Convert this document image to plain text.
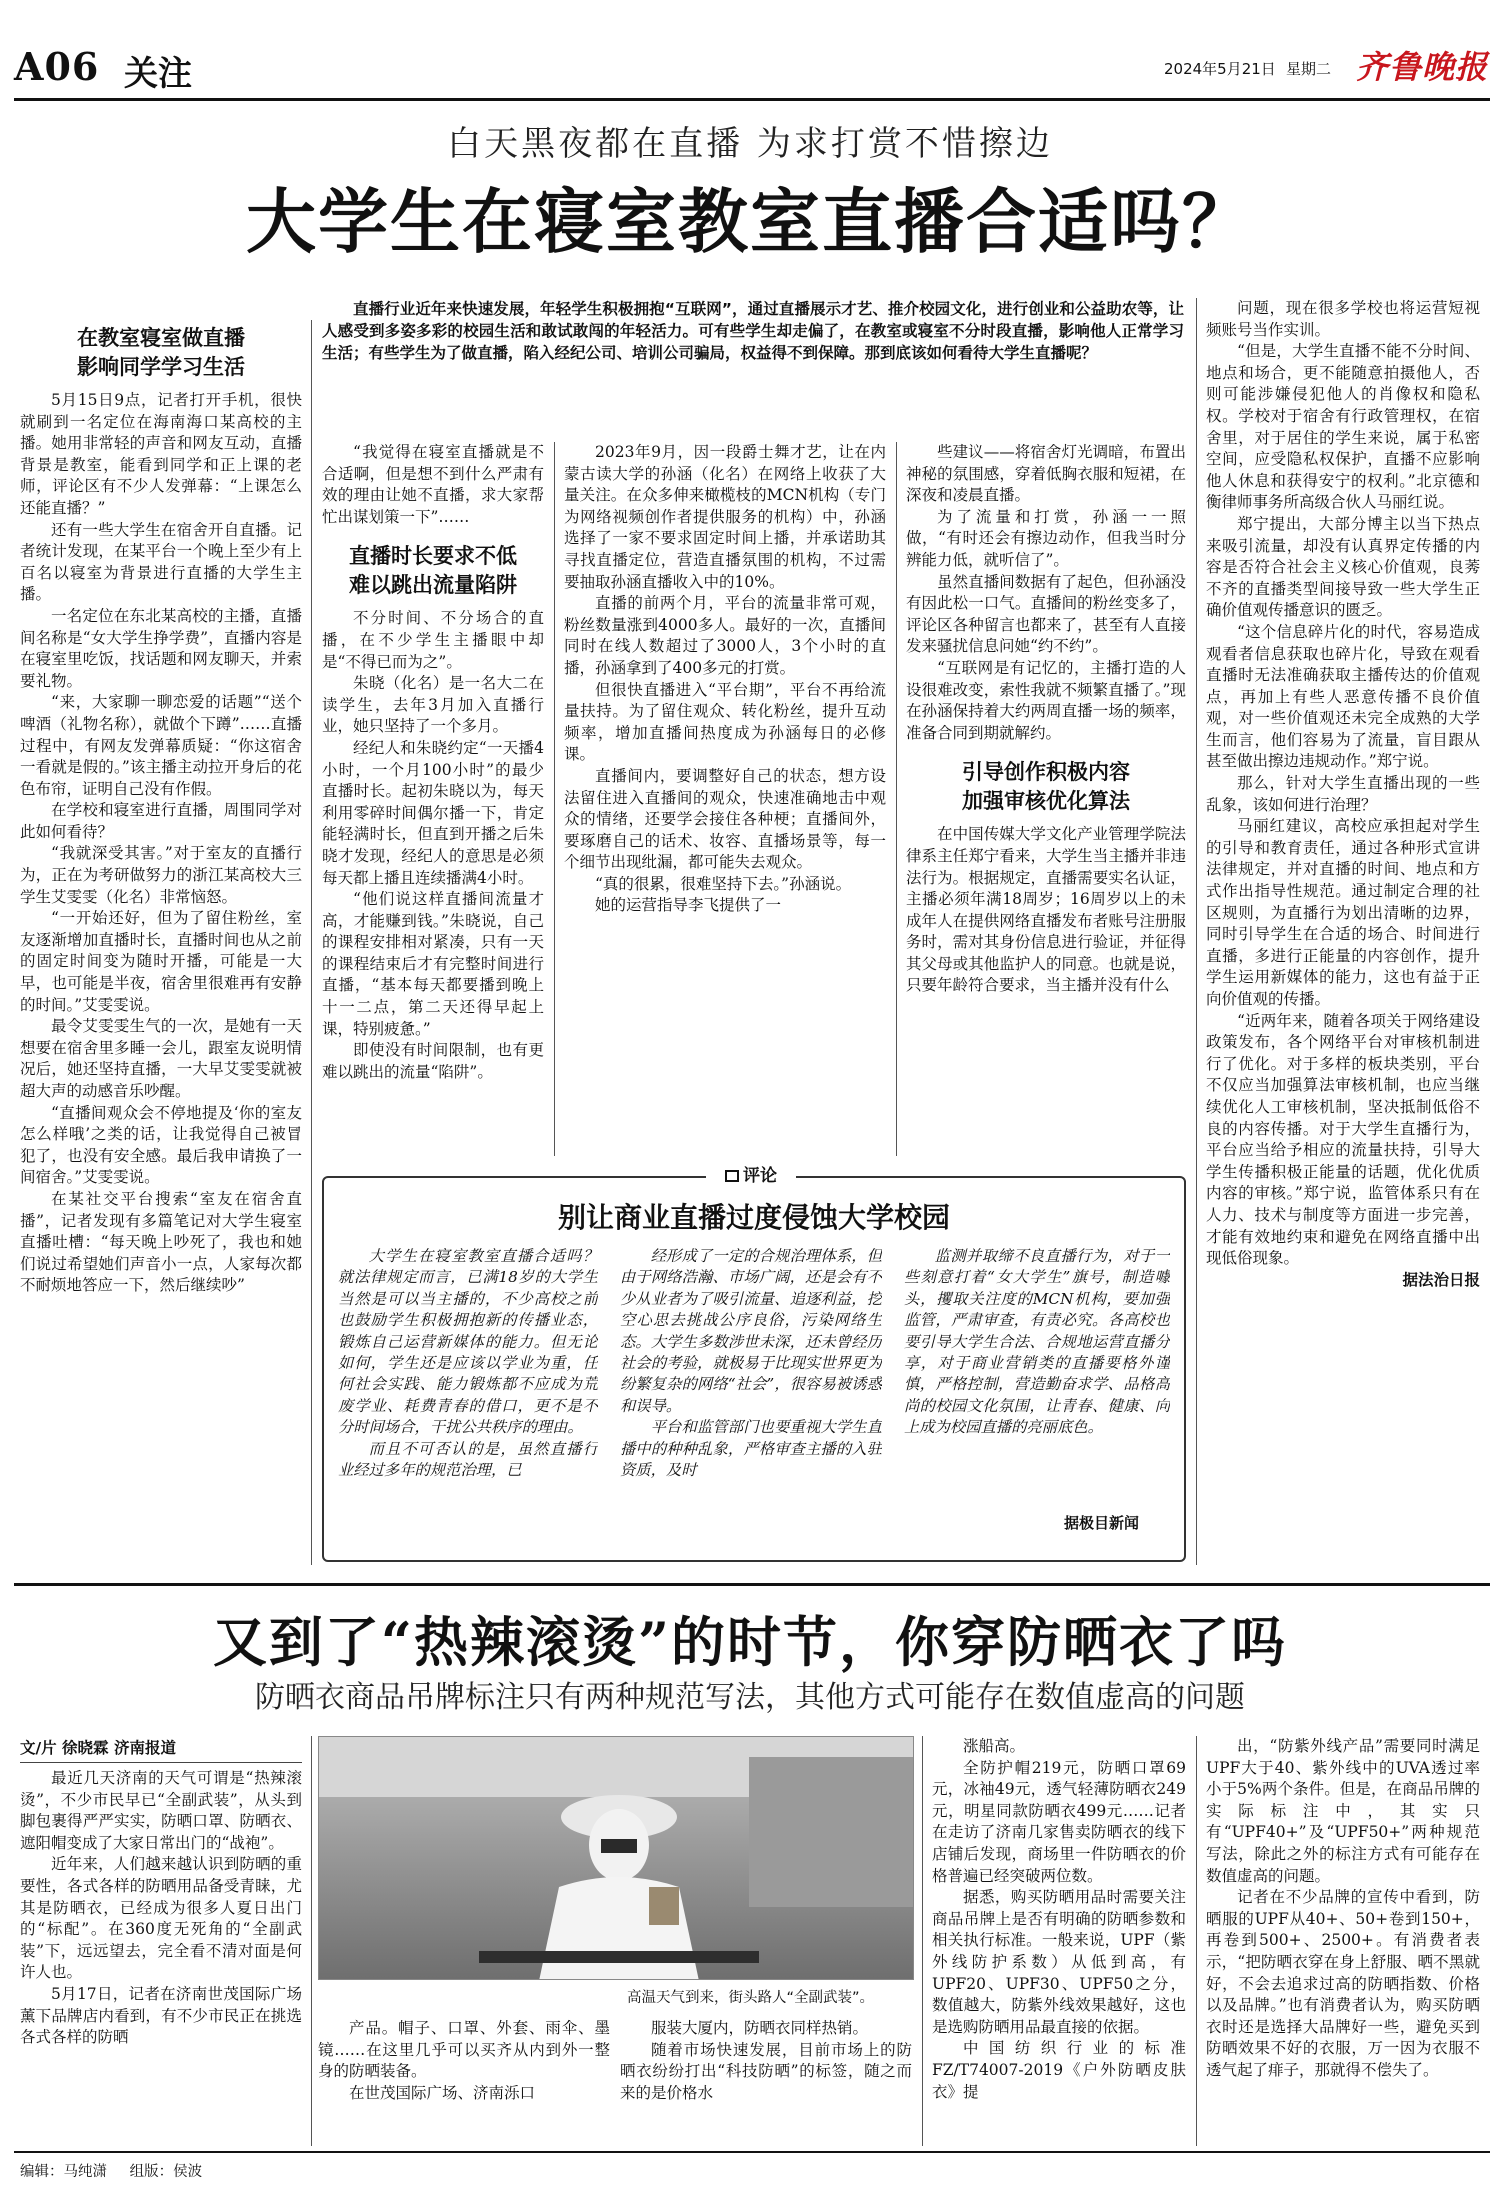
A06 关注	2024年5月21日 星期二 齐鲁晚报
白天黑夜都在直播 为求打赏不惜擦边
大学生在寝室教室直播合适吗？
直播行业近年来快速发展，年轻学生积极拥抱“互联网”，通过直播展示才艺、推介校园文化，进行创业和公益助农等，让人感受到多姿多彩的校园生活和敢试敢闯的年轻活力。可有些学生却走偏了，在教室或寝室不分时段直播，影响他人正常学习生活；有些学生为了做直播，陷入经纪公司、培训公司骗局，权益得不到保障。那到底该如何看待大学生直播呢？
在教室寝室做直播
影响同学学习生活

5月15日9点，记者打开手机，很快就刷到一名定位在海南海口某高校的主播。她用非常轻的声音和网友互动，直播背景是教室，能看到同学和正上课的老师，评论区有不少人发弹幕：“上课怎么还能直播？”

还有一些大学生在宿舍开自直播。记者统计发现，在某平台一个晚上至少有上百名以寝室为背景进行直播的大学生主播。

一名定位在东北某高校的主播，直播间名称是“女大学生挣学费”，直播内容是在寝室里吃饭，找话题和网友聊天，并索要礼物。

“来，大家聊一聊恋爱的话题”“送个啤酒（礼物名称），就做个下蹲”……直播过程中，有网友发弹幕质疑：“你这宿舍一看就是假的。”该主播主动拉开身后的花色布帘，证明自己没有作假。

在学校和寝室进行直播，周围同学对此如何看待？

“我就深受其害。”对于室友的直播行为，正在为考研做努力的浙江某高校大三学生艾雯雯（化名）非常恼怒。

“一开始还好，但为了留住粉丝，室友逐渐增加直播时长，直播时间也从之前的固定时间变为随时开播，可能是一大早，也可能是半夜，宿舍里很难再有安静的时间。”艾雯雯说。

最令艾雯雯生气的一次，是她有一天想要在宿舍里多睡一会儿，跟室友说明情况后，她还坚持直播，一大早艾雯雯就被超大声的动感音乐吵醒。

“直播间观众会不停地提及‘你的室友怎么样哦’之类的话，让我觉得自己被冒犯了，也没有安全感。最后我申请换了一间宿舍。”艾雯雯说。

在某社交平台搜索“室友在宿舍直播”，记者发现有多篇笔记对大学生寝室直播吐槽：“每天晚上吵死了，我也和她们说过希望她们声音小一点，人家每次都不耐烦地答应一下，然后继续吵”

“我觉得在寝室直播就是不合适啊，但是想不到什么严肃有效的理由让她不直播，求大家帮忙出谋划策一下”……

直播时长要求不低
难以跳出流量陷阱

不分时间、不分场合的直播，在不少学生主播眼中却是“不得已而为之”。

朱晓（化名）是一名大二在读学生，去年3月加入直播行业，她只坚持了一个多月。

经纪人和朱晓约定“一天播4小时，一个月100小时”的最少直播时长。起初朱晓以为，每天利用零碎时间偶尔播一下，肯定能轻满时长，但直到开播之后朱晓才发现，经纪人的意思是必须每天都上播且连续播满4小时。

“他们说这样直播间流量才高，才能赚到钱。”朱晓说，自己的课程安排相对紧凑，只有一天的课程结束后才有完整时间进行直播，“基本每天都要播到晚上十一二点，第二天还得早起上课，特别疲惫。”

即使没有时间限制，也有更难以跳出的流量“陷阱”。

2023年9月，因一段爵士舞才艺，让在内蒙古读大学的孙涵（化名）在网络上收获了大量关注。在众多伸来橄榄枝的MCN机构（专门为网络视频创作者提供服务的机构）中，孙涵选择了一家不要求固定时间上播，并承诺助其寻找直播定位，营造直播氛围的机构，不过需要抽取孙涵直播收入中的10%。

直播的前两个月，平台的流量非常可观，粉丝数量涨到4000多人。最好的一次，直播间同时在线人数超过了3000人，3个小时的直播，孙涵拿到了400多元的打赏。

但很快直播进入“平台期”，平台不再给流量扶持。为了留住观众、转化粉丝，提升互动频率，增加直播间热度成为孙涵每日的必修课。

直播间内，要调整好自己的状态，想方设法留住进入直播间的观众，快速准确地击中观众的情绪，还要学会接住各种梗；直播间外，要琢磨自己的话术、妆容、直播场景等，每一个细节出现纰漏，都可能失去观众。

“真的很累，很难坚持下去。”孙涵说。

她的运营指导李飞提供了一

些建议——将宿舍灯光调暗，布置出神秘的氛围感，穿着低胸衣服和短裙，在深夜和凌晨直播。

为了流量和打赏，孙涵一一照做，“有时还会有擦边动作，但我当时分辨能力低，就听信了”。

虽然直播间数据有了起色，但孙涵没有因此松一口气。直播间的粉丝变多了，评论区各种留言也都来了，甚至有人直接发来骚扰信息问她“约不约”。

“互联网是有记忆的，主播打造的人设很难改变，索性我就不频繁直播了。”现在孙涵保持着大约两周直播一场的频率，准备合同到期就解约。

引导创作积极内容
加强审核优化算法

在中国传媒大学文化产业管理学院法律系主任郑宁看来，大学生当主播并非违法行为。根据规定，直播需要实名认证，主播必须年满18周岁；16周岁以上的未成年人在提供网络直播发布者账号注册服务时，需对其身份信息进行验证，并征得其父母或其他监护人的同意。也就是说，只要年龄符合要求，当主播并没有什么

问题，现在很多学校也将运营短视频账号当作实训。

“但是，大学生直播不能不分时间、地点和场合，更不能随意拍摄他人，否则可能涉嫌侵犯他人的肖像权和隐私权。学校对于宿舍有行政管理权，在宿舍里，对于居住的学生来说，属于私密空间，应受隐私权保护，直播不应影响他人休息和获得安宁的权利。”北京德和衡律师事务所高级合伙人马丽红说。

郑宁提出，大部分博主以当下热点来吸引流量，却没有认真界定传播的内容是否符合社会主义核心价值观，良莠不齐的直播类型间接导致一些大学生正确价值观传播意识的匮乏。

“这个信息碎片化的时代，容易造成观看者信息获取也碎片化，导致在观看直播时无法准确获取主播传达的价值观点，再加上有些人恶意传播不良价值观，对一些价值观还未完全成熟的大学生而言，他们容易为了流量，盲目跟从甚至做出擦边违规动作。”郑宁说。

那么，针对大学生直播出现的一些乱象，该如何进行治理？

马丽红建议，高校应承担起对学生的引导和教育责任，通过各种形式宣讲法律规定，并对直播的时间、地点和方式作出指导性规范。通过制定合理的社区规则，为直播行为划出清晰的边界，同时引导学生在合适的场合、时间进行直播，多进行正能量的内容创作，提升学生运用新媒体的能力，这也有益于正向价值观的传播。

“近两年来，随着各项关于网络建设政策发布，各个网络平台对审核机制进行了优化。对于多样的板块类别，平台不仅应当加强算法审核机制，也应当继续优化人工审核机制，坚决抵制低俗不良的内容传播。对于大学生直播行为，平台应当给予相应的流量扶持，引导大学生传播积极正能量的话题，优化优质内容的审核。”郑宁说，监管体系只有在人力、技术与制度等方面进一步完善，才能有效地约束和避免在网络直播中出现低俗现象。

据法治日报
评论
别让商业直播过度侵蚀大学校园

大学生在寝室教室直播合适吗？就法律规定而言，已满18岁的大学生当然是可以当主播的，不少高校之前也鼓励学生积极拥抱新的传播业态，锻炼自己运营新媒体的能力。但无论如何，学生还是应该以学业为重，任何社会实践、能力锻炼都不应成为荒废学业、耗费青春的借口，更不是不分时间场合，干扰公共秩序的理由。

而且不可否认的是，虽然直播行业经过多年的规范治理，已

经形成了一定的合规治理体系，但由于网络浩瀚、市场广阔，还是会有不少从业者为了吸引流量、追逐利益，挖空心思去挑战公序良俗，污染网络生态。大学生多数涉世未深，还未曾经历社会的考验，就极易于比现实世界更为纷繁复杂的网络“社会”，很容易被诱惑和误导。

平台和监管部门也要重视大学生直播中的种种乱象，严格审查主播的入驻资质，及时

监测并取缔不良直播行为，对于一些刻意打着“女大学生”旗号，制造噱头，攫取关注度的MCN机构，要加强监管，严肃审查，有责必究。各高校也要引导大学生合法、合规地运营直播分享，对于商业营销类的直播要格外谨慎，严格控制，营造勤奋求学、品格高尚的校园文化氛围，让青春、健康、向上成为校园直播的亮丽底色。

据极目新闻
又到了“热辣滚烫”的时节，你穿防晒衣了吗
防晒衣商品吊牌标注只有两种规范写法，其他方式可能存在数值虚高的问题
文/片 徐晓霖 济南报道

最近几天济南的天气可谓是“热辣滚烫”，不少市民早已“全副武装”，从头到脚包裹得严严实实，防晒口罩、防晒衣、遮阳帽变成了大家日常出门的“战袍”。

近年来，人们越来越认识到防晒的重要性，各式各样的防晒用品备受青睐，尤其是防晒衣，已经成为很多人夏日出门的“标配”。在360度无死角的“全副武装”下，远远望去，完全看不清对面是何许人也。

5月17日，记者在济南世茂国际广场薰下品牌店内看到，有不少市民正在挑选各式各样的防晒

高温天气到来，街头路人“全副武装”。

产品。帽子、口罩、外套、雨伞、墨镜……在这里几乎可以买齐从内到外一整身的防晒装备。

在世茂国际广场、济南泺口

服装大厦内，防晒衣同样热销。

随着市场快速发展，目前市场上的防晒衣纷纷打出“科技防晒”的标签，随之而来的是价格水

涨船高。

全防护帽219元，防晒口罩69元，冰袖49元，透气轻薄防晒衣249元，明星同款防晒衣499元……记者在走访了济南几家售卖防晒衣的线下店铺后发现，商场里一件防晒衣的价格普遍已经突破两位数。

据悉，购买防晒用品时需要关注商品吊牌上是否有明确的防晒参数和相关执行标准。一般来说，UPF（紫外线防护系数）从低到高，有UPF20、UPF30、UPF50之分，数值越大，防紫外线效果越好，这也是选购防晒用品最直接的依据。

中国纺织行业的标准FZ/T74007-2019《户外防晒皮肤衣》提

出，“防紫外线产品”需要同时满足UPF大于40、紫外线中的UVA透过率小于5%两个条件。但是，在商品吊牌的实际标注中，其实只有“UPF40+”及“UPF50+”两种规范写法，除此之外的标注方式有可能存在数值虚高的问题。

记者在不少品牌的宣传中看到，防晒服的UPF从40+、50+卷到150+，再卷到500+、2500+。有消费者表示，“把防晒衣穿在身上舒服、晒不黑就好，不会去追求过高的防晒指数、价格以及品牌。”也有消费者认为，购买防晒衣时还是选择大品牌好一些，避免买到防晒效果不好的衣服，万一因为衣服不透气起了痱子，那就得不偿失了。

编辑：马纯潇 组版：侯波
